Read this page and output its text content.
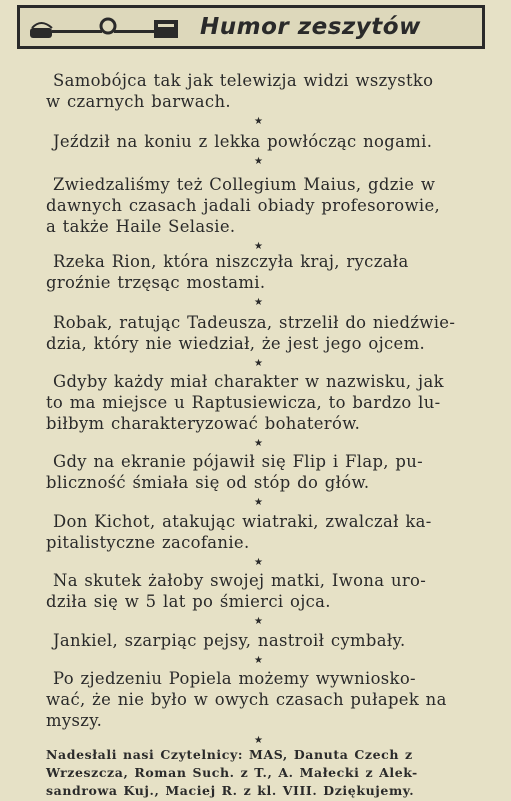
Humor zeszytów
Samobójca tak jak telewizja widzi wszystko
w czarnych barwach.
★
Jeździł na koniu z lekka powłócząc nogami.
★
Zwiedzaliśmy też Collegium Maius, gdzie w
dawnych czasach jadali obiady profesorowie,
a także Haile Selasie.
★
Rzeka Rion, która niszczyła kraj, ryczała
groźnie trzęsąc mostami.
★
Robak, ratując Tadeusza, strzelił do niedźwie-
dzia, który nie wiedział, że jest jego ojcem.
★
Gdyby każdy miał charakter w nazwisku, jak
to ma miejsce u Raptusiewicza, to bardzo lu-
biłbym charakteryzować bohaterów.
★
Gdy na ekranie pójawił się Flip i Flap, pu-
bliczność śmiała się od stóp do głów.
★
Don Kichot, atakując wiatraki, zwalczał ka-
pitalistyczne zacofanie.
★
Na skutek żałoby swojej matki, Iwona uro-
dziła się w 5 lat po śmierci ojca.
★
Jankiel, szarpiąc pejsy, nastroił cymbały.
★
Po zjedzeniu Popiela możemy wywniosko-
wać, że nie było w owych czasach pułapek na
myszy.
★
Nadesłali nasi Czytelnicy: MAS, Danuta Czech z
Wrzeszcza, Roman Such. z T., A. Małecki z Alek-
sandrowa Kuj., Maciej R. z kl. VIII. Dziękujemy.
